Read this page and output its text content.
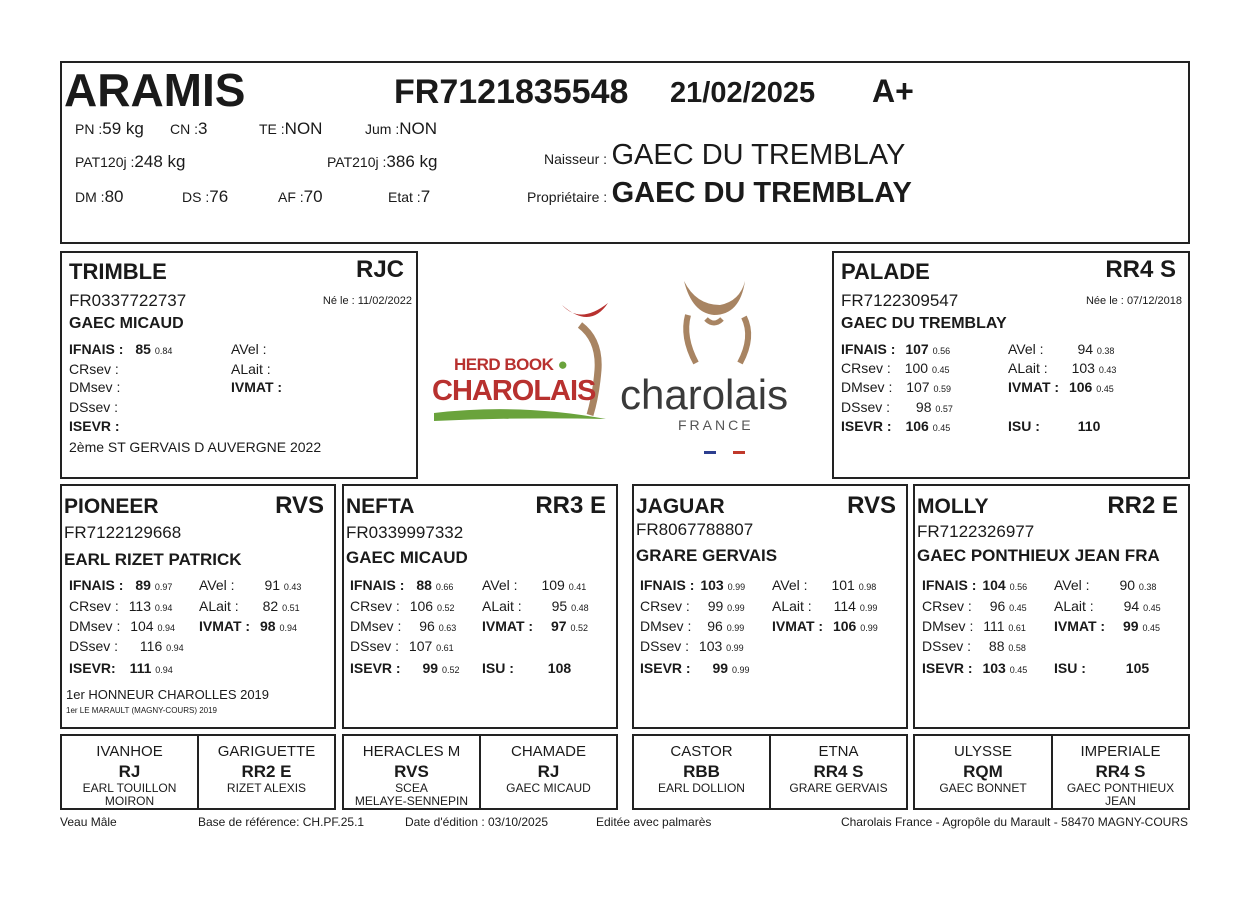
ARAMIS	FR7121835548 21/02/2025 A+
PN :59 kg CN :3	TE :NON	Jum :NON
PAT120j :248 kg	PAT210j :386 kg
DM :80	DS :76	AF :70	Etat :7
Naisseur : GAEC DU TREMBLAY
Propriétaire : GAEC DU TREMBLAY
TRIMBLE	RJC
FR0337722737	Né le : 11/02/2022
GAEC MICAUD
IFNAIS : 85 0.84
CRsev :
DMsev :
DSsev :
ISEVR :
AVel :
ALait :
IVMAT :
2ème ST GERVAIS D AUVERGNE 2022
HERD BOOK ●
CHAROLAIS charolais
FRANCE

PALADE	RR4 S
FR7122309547	Née le : 07/12/2018
GAEC DU TREMBLAY
IFNAIS : 107 0.56
CRsev : 100 0.45
DMsev : 107 0.59
DSsev : 98 0.57
ISEVR : 106 0.45
AVel : 94 0.38
ALait : 103 0.43
IVMAT : 106 0.45
ISU :	110
PIONEER	RVS
FR7122129668
EARL RIZET PATRICK
IFNAIS : 89 0.97
CRsev : 113 0.94
DMsev : 104 0.94
DSsev : 116 0.94
ISEVR: 111 0.94
AVel : 91 0.43
ALait : 82 0.51
IVMAT : 98 0.94
1er HONNEUR CHAROLLES 2019
1er LE MARAULT (MAGNY-COURS) 2019
NEFTA	RR3 E
FR0339997332
GAEC MICAUD
IFNAIS : 88 0.66
CRsev : 106 0.52
DMsev : 96 0.63
DSsev : 107 0.61
ISEVR : 99 0.52
AVel : 109 0.41
ALait : 95 0.48
IVMAT : 97 0.52
ISU : 108
JAGUAR	RVS
FR8067788807
GRARE GERVAIS
IFNAIS : 103 0.99
CRsev : 99 0.99
DMsev : 96 0.99
DSsev : 103 0.99
ISEVR : 99 0.99
AVel : 101 0.98
ALait : 114 0.99
IVMAT : 106 0.99
MOLLY	RR2 E
FR7122326977
GAEC PONTHIEUX JEAN FRA
IFNAIS : 104 0.56
CRsev : 96 0.45
DMsev : 111 0.61
DSsev : 88 0.58
ISEVR : 103 0.45
AVel : 90 0.38
ALait : 94 0.45
IVMAT : 99 0.45
ISU :	105
IVANHOE
RJ
EARL TOUILLON
MOIRON
GARIGUETTE
RR2 E
RIZET ALEXIS
HERACLES M
RVS
SCEA
MELAYE-SENNEPIN
CHAMADE
RJ
GAEC MICAUD
CASTOR
RBB
EARL DOLLION
ETNA
RR4 S
GRARE GERVAIS
ULYSSE
RQM
GAEC BONNET
IMPERIALE
RR4 S
GAEC PONTHIEUX
JEAN
Veau Mâle	Base de référence: CH.PF.25.1	Date d'édition : 03/10/2025	Editée avec palmarès	Charolais France - Agropôle du Marault - 58470 MAGNY-COURS
